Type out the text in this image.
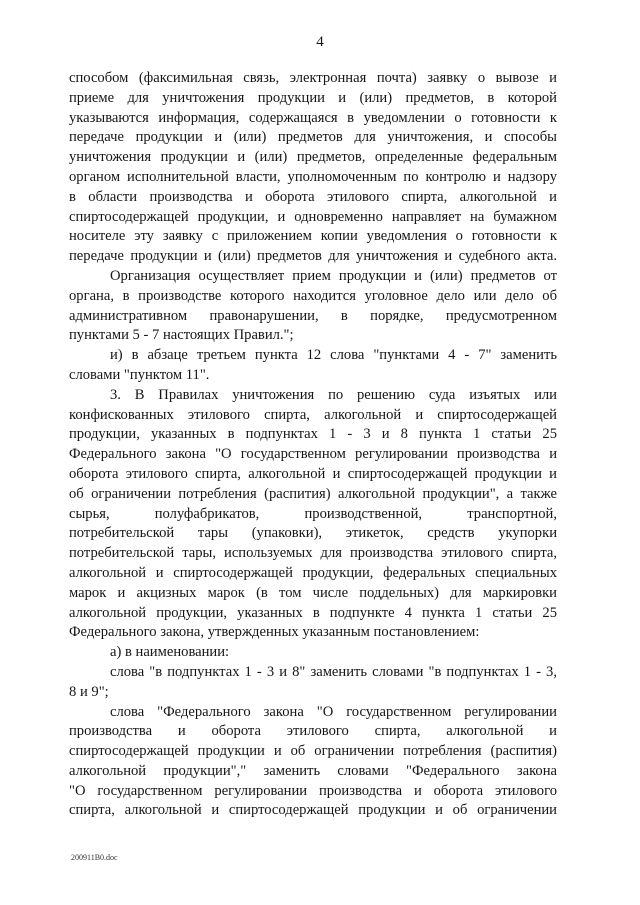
4
способом (факсимильная связь, электронная почта) заявку о вывозе и
приеме для уничтожения продукции и (или) предметов, в которой
указываются информация, содержащаяся в уведомлении о готовности к
передаче продукции и (или) предметов для уничтожения, и способы
уничтожения продукции и (или) предметов, определенные федеральным
органом исполнительной власти, уполномоченным по контролю и надзору
в области производства и оборота этилового спирта, алкогольной и
спиртосодержащей продукции, и одновременно направляет на бумажном
носителе эту заявку с приложением копии уведомления о готовности к
передаче продукции и (или) предметов для уничтожения и судебного акта.
Организация осуществляет прием продукции и (или) предметов от
органа, в производстве которого находится уголовное дело или дело об
административном правонарушении, в порядке, предусмотренном
пунктами 5 - 7 настоящих Правил.";
и) в абзаце третьем пункта 12 слова "пунктами 4 - 7" заменить
словами "пунктом 11".
3. В Правилах уничтожения по решению суда изъятых или
конфискованных этилового спирта, алкогольной и спиртосодержащей
продукции, указанных в подпунктах 1 - 3 и 8 пункта 1 статьи 25
Федерального закона "О государственном регулировании производства и
оборота этилового спирта, алкогольной и спиртосодержащей продукции и
об ограничении потребления (распития) алкогольной продукции", а также
сырья, полуфабрикатов, производственной, транспортной,
потребительской тары (упаковки), этикеток, средств укупорки
потребительской тары, используемых для производства этилового спирта,
алкогольной и спиртосодержащей продукции, федеральных специальных
марок и акцизных марок (в том числе поддельных) для маркировки
алкогольной продукции, указанных в подпункте 4 пункта 1 статьи 25
Федерального закона, утвержденных указанным постановлением:
а) в наименовании:
слова "в подпунктах 1 - 3 и 8" заменить словами "в подпунктах 1 - 3,
8 и 9";
слова "Федерального закона "О государственном регулировании
производства и оборота этилового спирта, алкогольной и
спиртосодержащей продукции и об ограничении потребления (распития)
алкогольной продукции"," заменить словами "Федерального закона
"О государственном регулировании производства и оборота этилового
спирта, алкогольной и спиртосодержащей продукции и об ограничении
200911В0.doc
